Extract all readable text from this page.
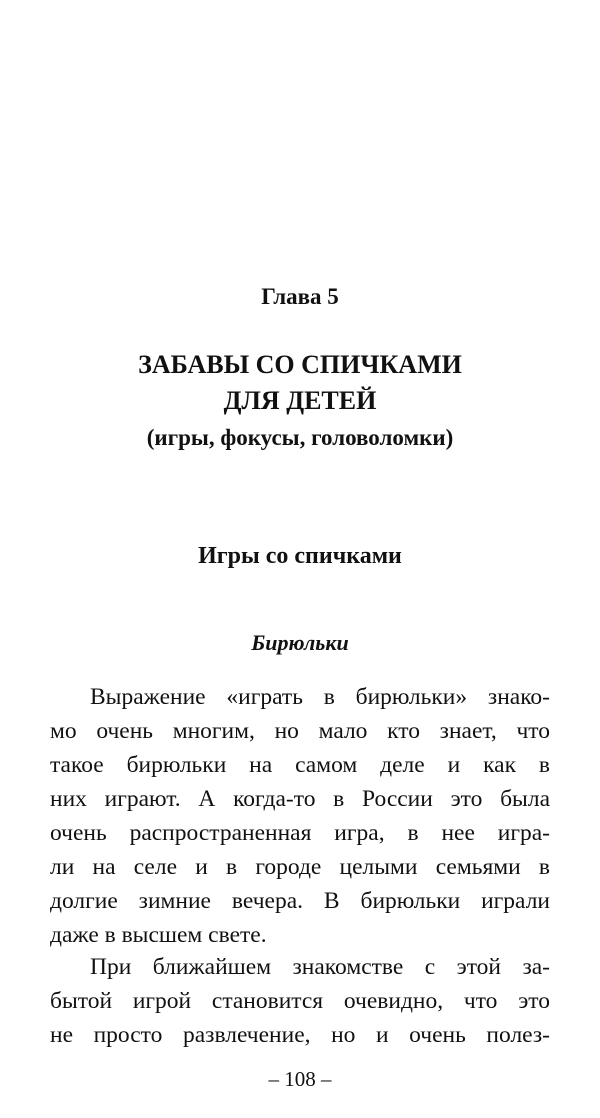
Глава 5
ЗАБАВЫ СО СПИЧКАМИ
ДЛЯ ДЕТЕЙ
(игры, фокусы, головоломки)
Игры со спичками
Бирюльки
Выражение «играть в бирюльки» знако-
мо очень многим, но мало кто знает, что
такое бирюльки на самом деле и как в
них играют. А когда-то в России это была
очень распространенная игра, в нее игра-
ли на селе и в городе целыми семьями в
долгие зимние вечера. В бирюльки играли
даже в высшем свете.
При ближайшем знакомстве с этой за-
бытой игрой становится очевидно, что это
не просто развлечение, но и очень полез-
– 108 –
